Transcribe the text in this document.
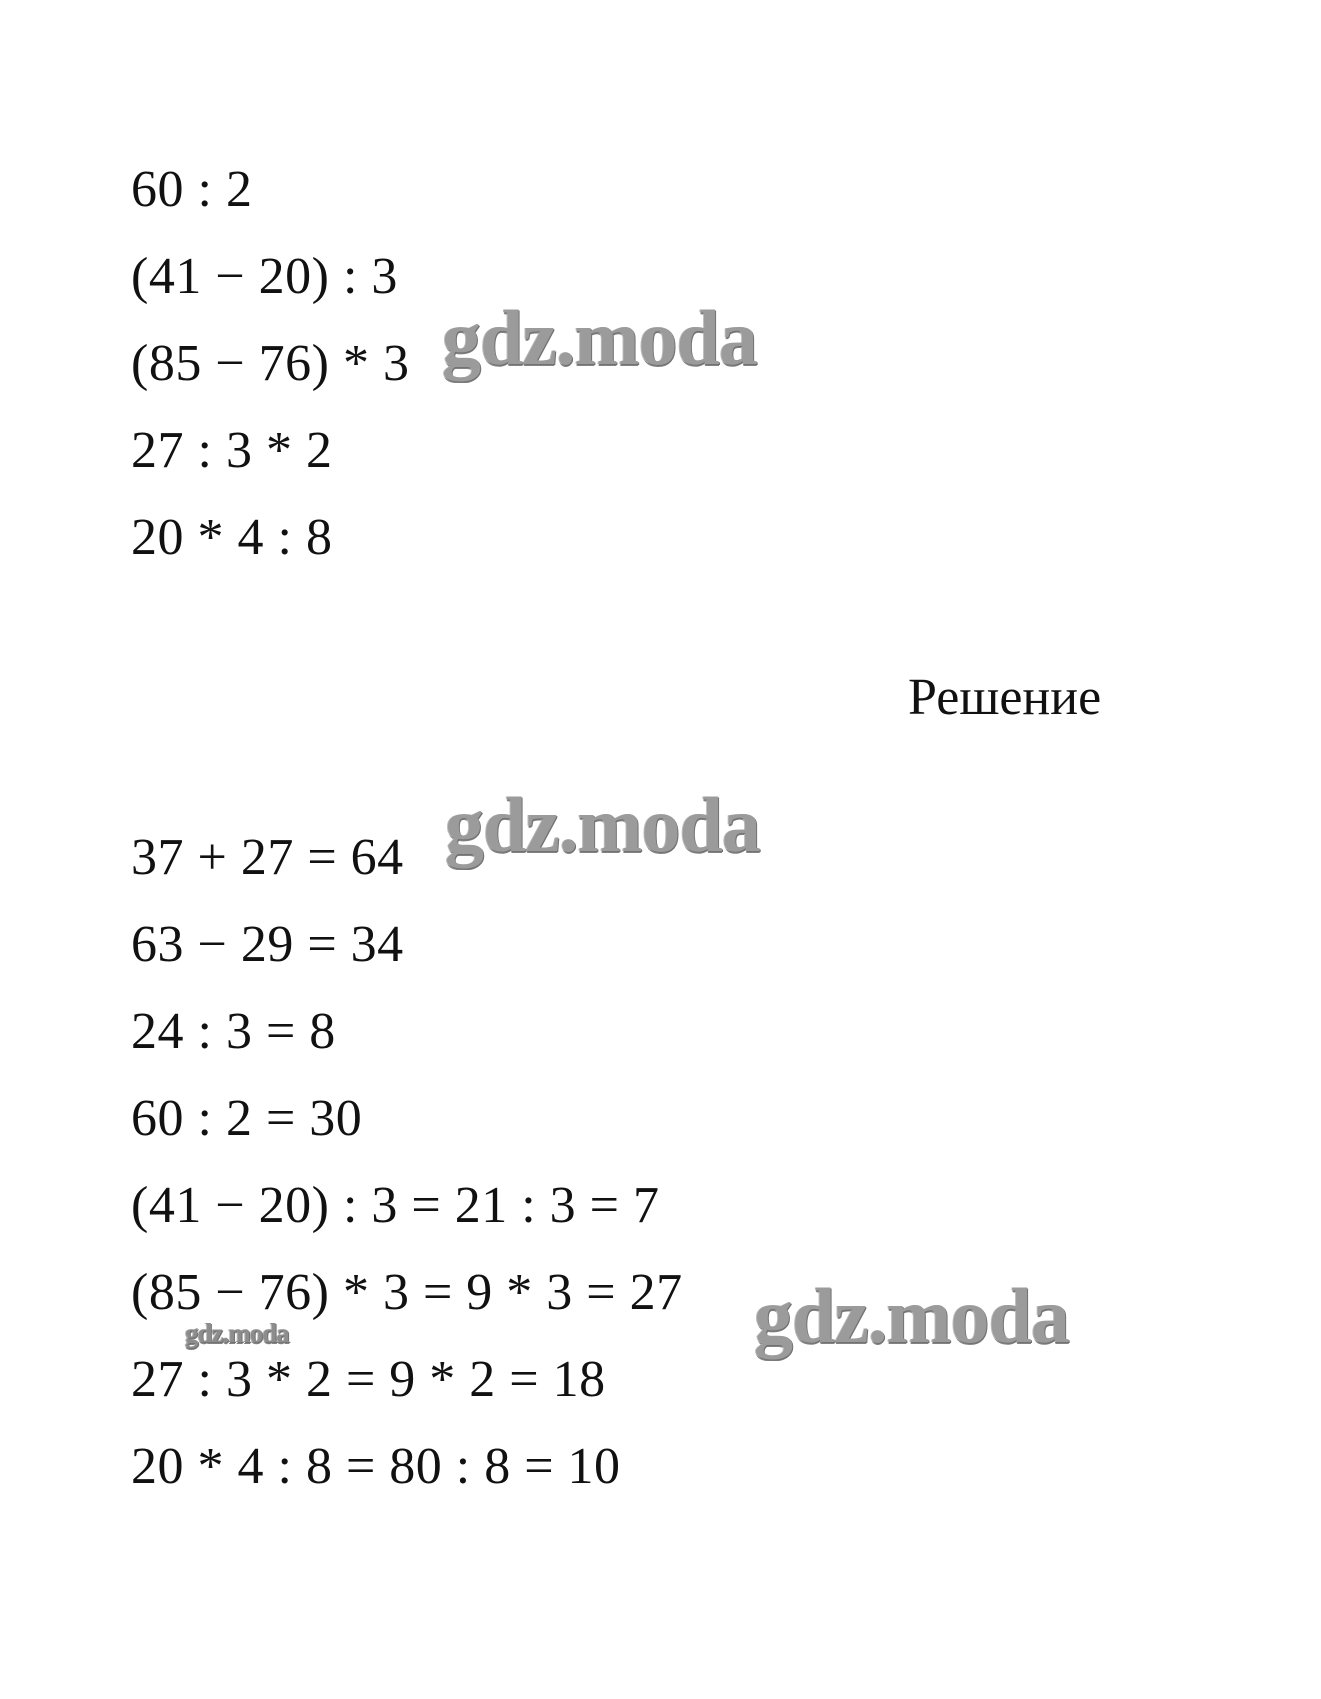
60 : 2
(41 − 20) : 3
(85 − 76) * 3
27 : 3 * 2
20 * 4 : 8
Решение
37 + 27 = 64
63 − 29 = 34
24 : 3 = 8
60 : 2 = 30
(41 − 20) : 3 = 21 : 3 = 7
(85 − 76) * 3 = 9 * 3 = 27
27 : 3 * 2 = 9 * 2 = 18
20 * 4 : 8 = 80 : 8 = 10
gdz.moda
gdz.moda
gdz.moda
gdz.moda
